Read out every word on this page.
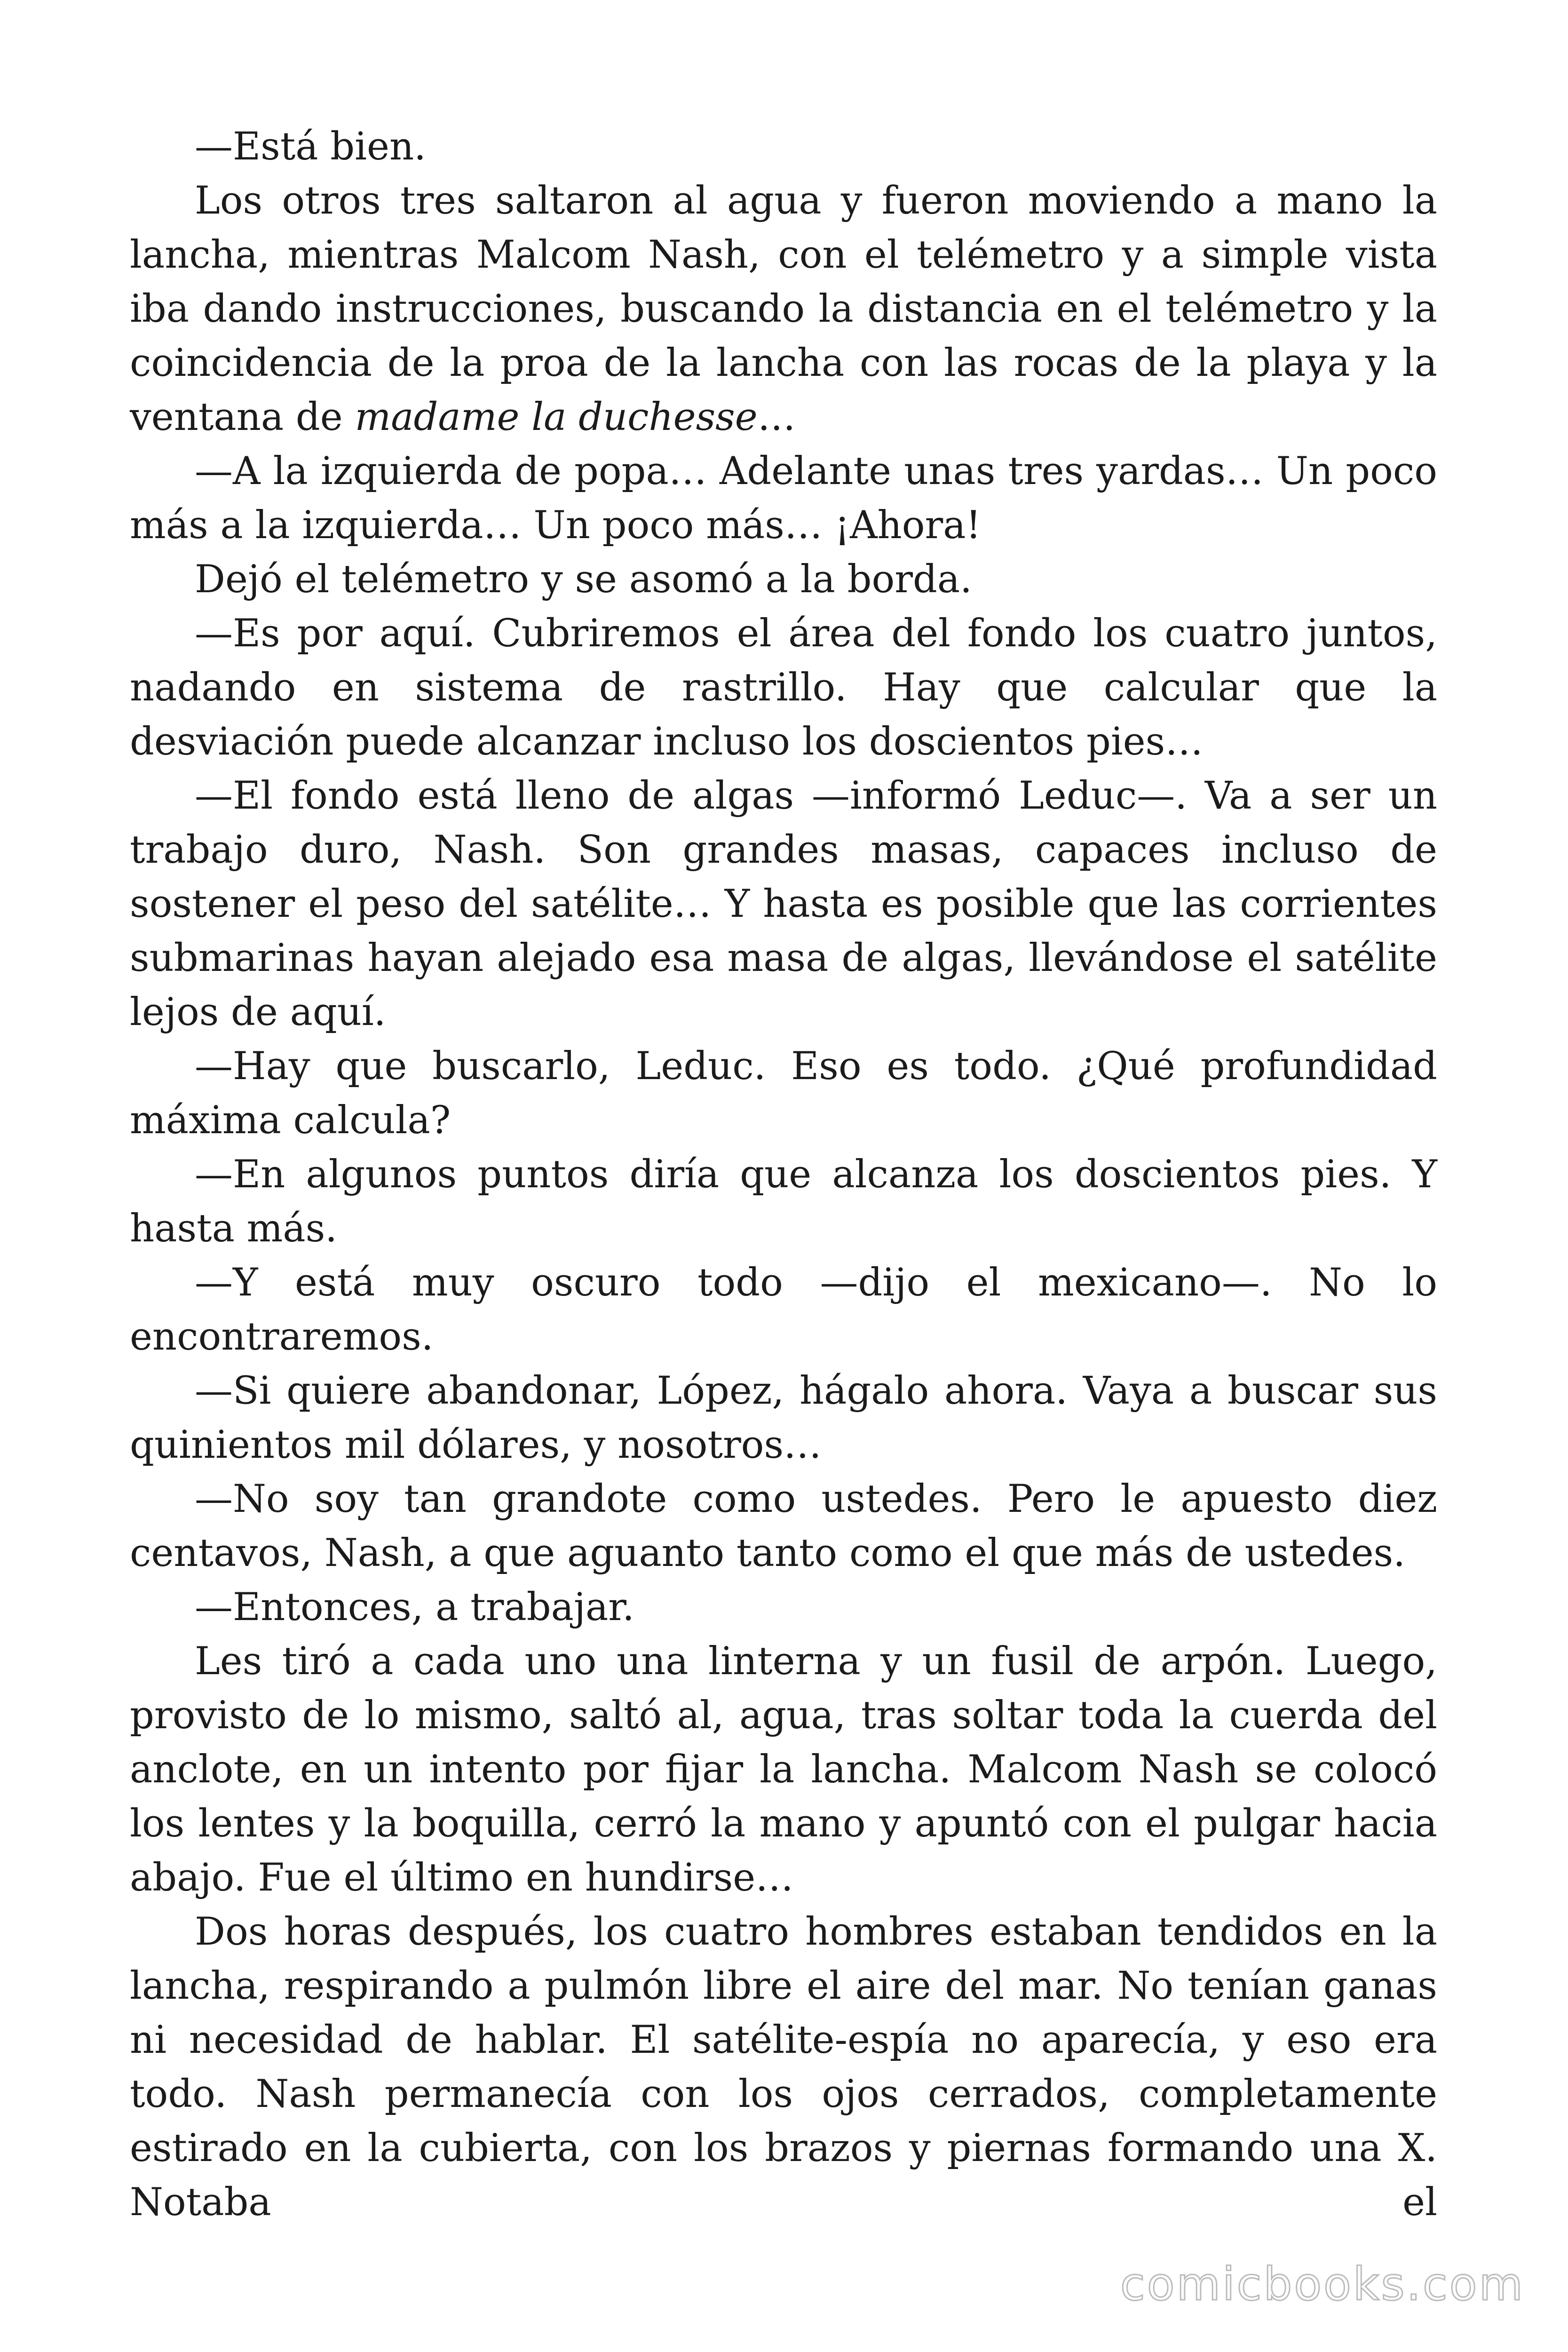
—Está bien.

Los otros tres saltaron al agua y fueron moviendo a mano la lancha, mientras Malcom Nash, con el telémetro y a simple vista iba dando instrucciones, buscando la distancia en el telémetro y la coincidencia de la proa de la lancha con las rocas de la playa y la ventana de madame la duchesse…

—A la izquierda de popa… Adelante unas tres yardas… Un poco más a la izquierda… Un poco más… ¡Ahora!

Dejó el telémetro y se asomó a la borda.

—Es por aquí. Cubriremos el área del fondo los cuatro juntos, nadando en sistema de rastrillo. Hay que calcular que la desviación puede alcanzar incluso los doscientos pies…

—El fondo está lleno de algas —informó Leduc—. Va a ser un trabajo duro, Nash. Son grandes masas, capaces incluso de sostener el peso del satélite… Y hasta es posible que las corrientes submarinas hayan alejado esa masa de algas, llevándose el satélite lejos de aquí.

—Hay que buscarlo, Leduc. Eso es todo. ¿Qué profundidad máxima calcula?

—En algunos puntos diría que alcanza los doscientos pies. Y hasta más.

—Y está muy oscuro todo —dijo el mexicano—. No lo encontraremos.

—Si quiere abandonar, López, hágalo ahora. Vaya a buscar sus quinientos mil dólares, y nosotros…

—No soy tan grandote como ustedes. Pero le apuesto diez centavos, Nash, a que aguanto tanto como el que más de ustedes.

—Entonces, a trabajar.

Les tiró a cada uno una linterna y un fusil de arpón. Luego, provisto de lo mismo, saltó al, agua, tras soltar toda la cuerda del anclote, en un intento por fijar la lancha. Malcom Nash se colocó los lentes y la boquilla, cerró la mano y apuntó con el pulgar hacia abajo. Fue el último en hundirse…

Dos horas después, los cuatro hombres estaban tendidos en la lancha, respirando a pulmón libre el aire del mar. No tenían ganas ni necesidad de hablar. El satélite-espía no aparecía, y eso era todo. Nash permanecía con los ojos cerrados, completamente estirado en la cubierta, con los brazos y piernas formando una X. Notaba el

comicbooks.com
